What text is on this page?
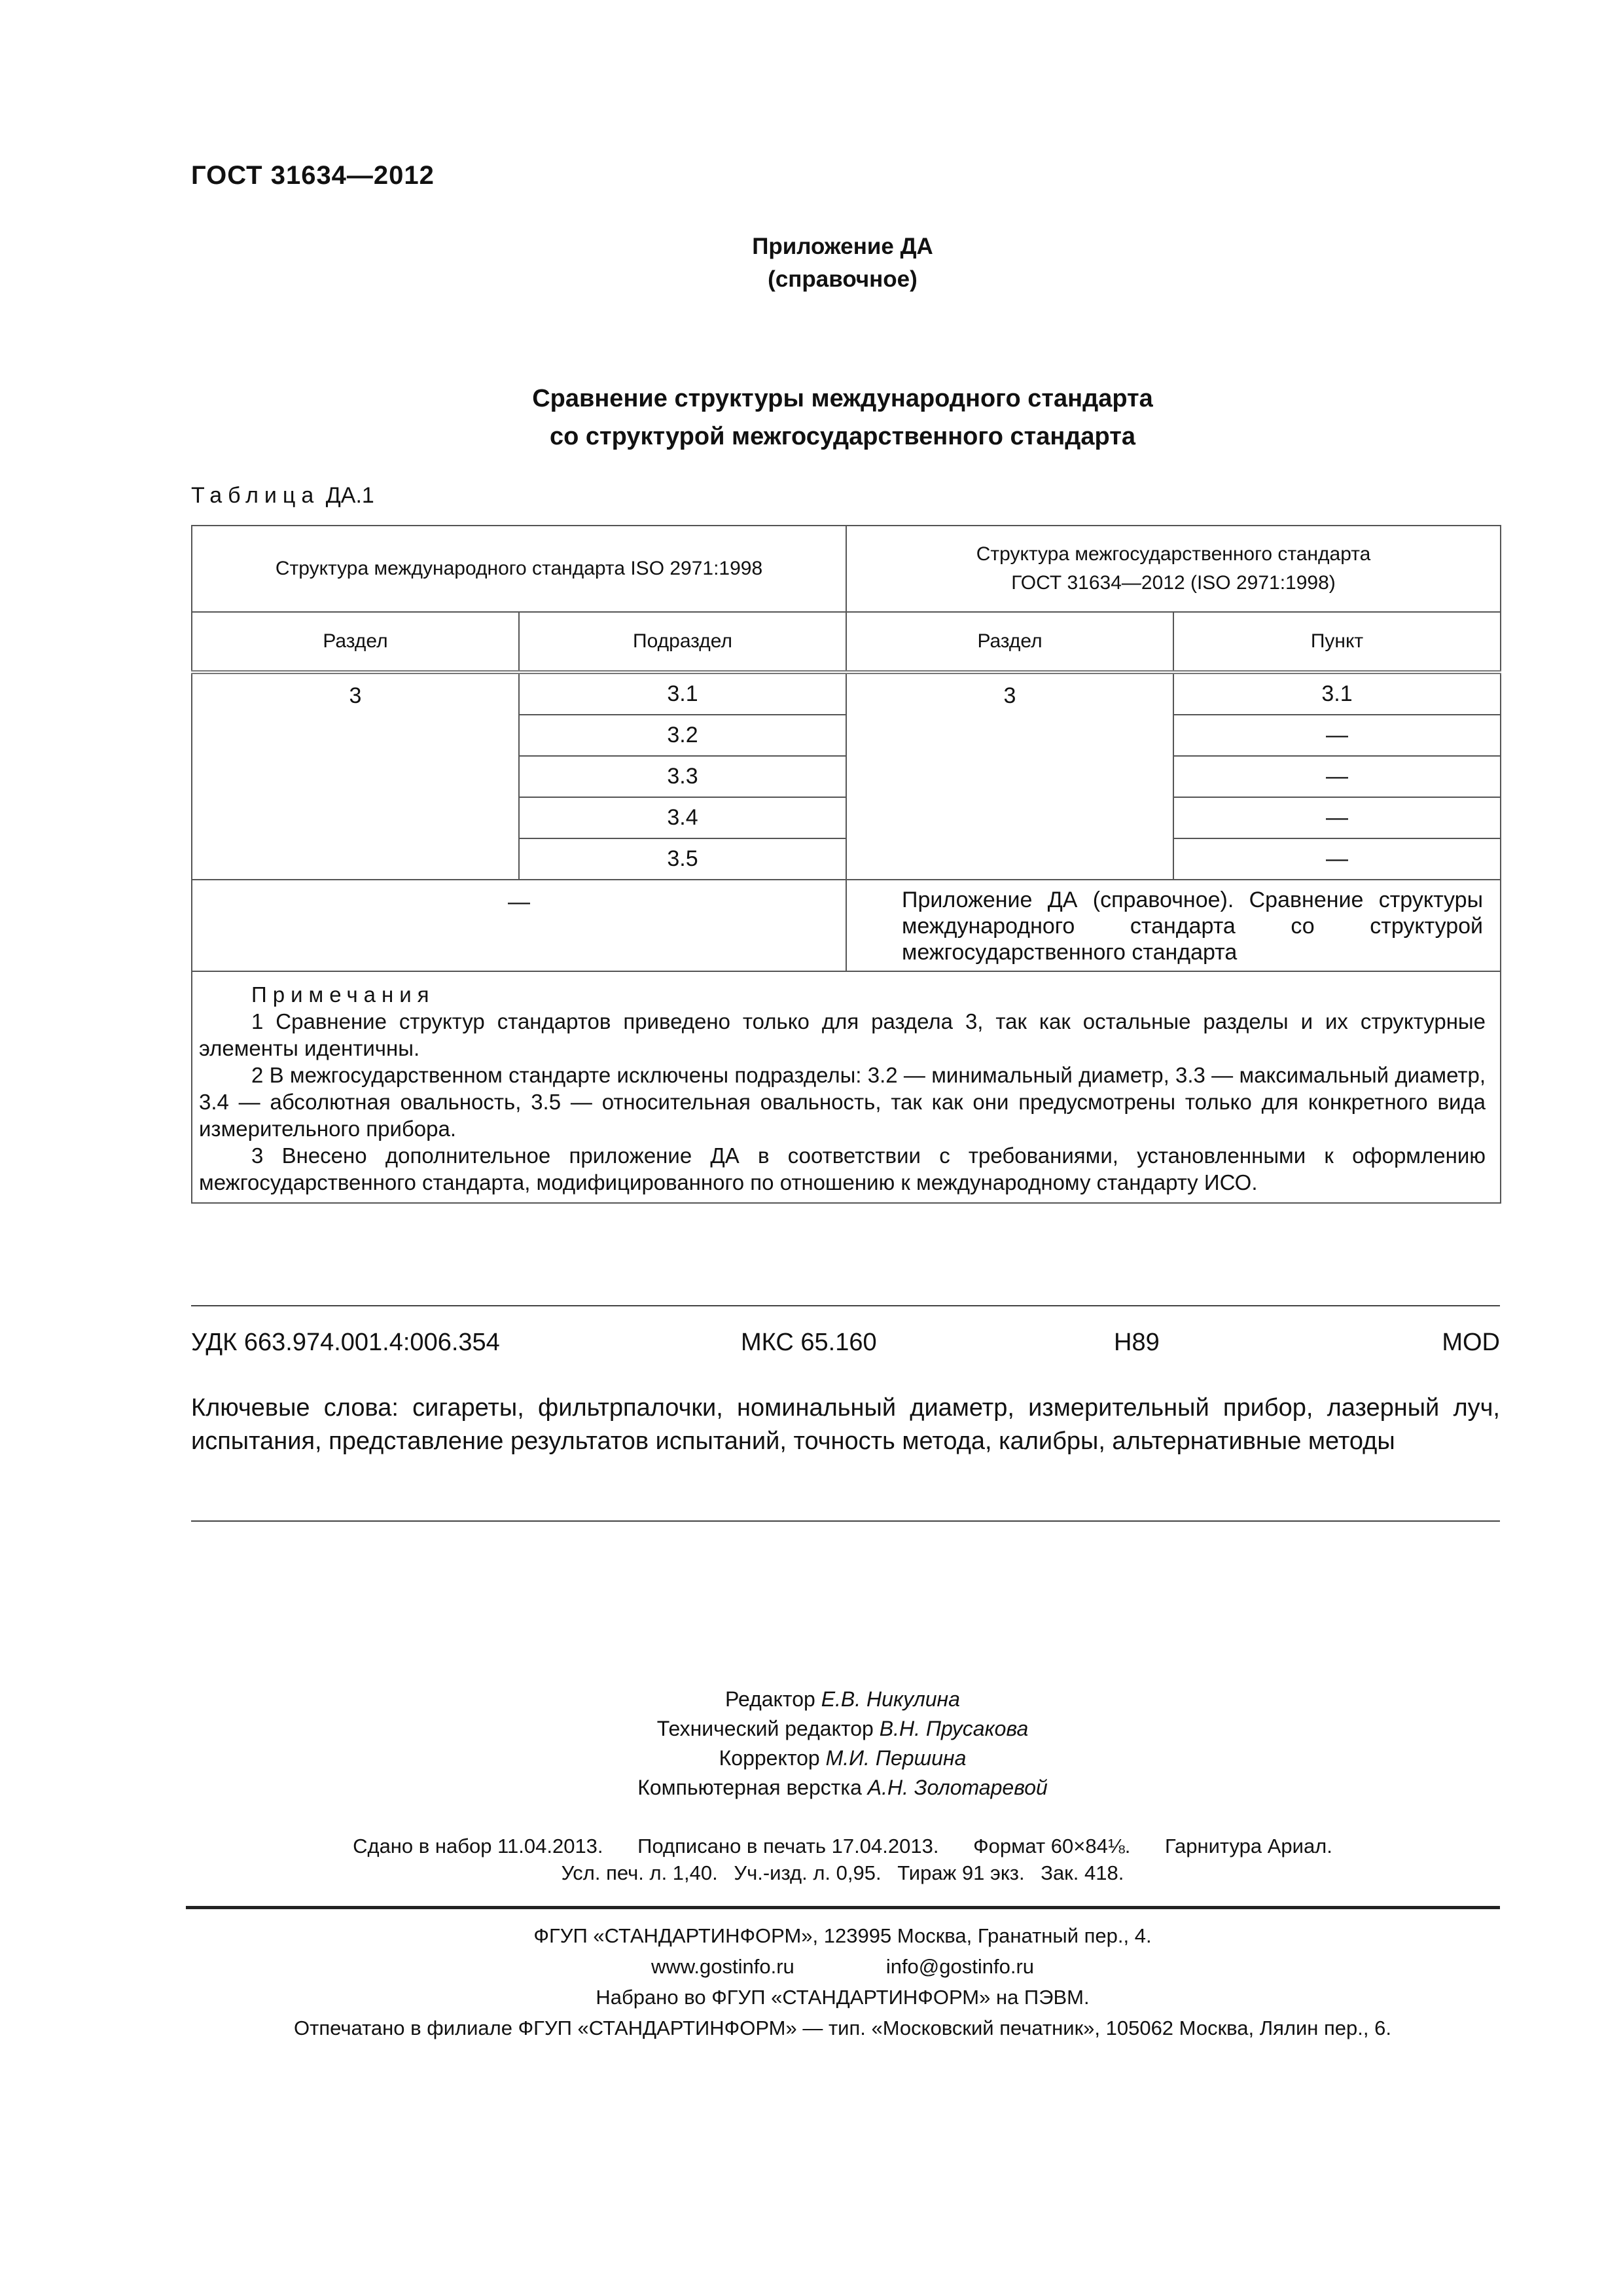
ГОСТ 31634—2012
Приложение ДА
(справочное)
Сравнение структуры международного стандарта
со структурой межгосударственного стандарта
Таблица ДА.1
Структура международного стандарта ISO 2971:1998		Структура межгосударственного стандарта
ГОСТ 31634—2012 (ISO 2971:1998)	

Раздел	Подраздел	Раздел	Пункт
3	3.1	3	3.1
	3.2		—
	3.3		—
	3.4		—
	3.5		—
—		Приложение ДА (справочное). Сравнение структуры международного стандарта со структурой межгосударственного стандарта	

Примечания

1 Сравнение структур стандартов приведено только для раздела 3, так как остальные разделы и их структурные элементы идентичны.

2 В межгосударственном стандарте исключены подразделы: 3.2 — минимальный диаметр, 3.3 — максимальный диаметр, 3.4 — абсолютная овальность, 3.5 — относительная овальность, так как они предусмотрены только для конкретного вида измерительного прибора.

3 Внесено дополнительное приложение ДА в соответствии с требованиями, установленными к оформлению межгосударственного стандарта, модифицированного по отношению к международному стандарту ИСО.			

УДК 663.974.001.4:006.354	МКС 65.160	Н89	MOD
Ключевые слова: сигареты, фильтрпалочки, номинальный диаметр, измерительный прибор, лазерный луч, испытания, представление результатов испытаний, точность метода, калибры, альтернативные методы
Редактор Е.В. Никулина
Технический редактор В.Н. Прусакова
Корректор М.И. Першина
Компьютерная верстка А.Н. Золотаревой
Сдано в набор 11.04.2013. Подписано в печать 17.04.2013. Формат 60×84⅛. Гарнитура Ариал.
Усл. печ. л. 1,40. Уч.-изд. л. 0,95. Тираж 91 экз. Зак. 418.
ФГУП «СТАНДАРТИНФОРМ», 123995 Москва, Гранатный пер., 4.
www.gostinfo.ru	info@gostinfo.ru
Набрано во ФГУП «СТАНДАРТИНФОРМ» на ПЭВМ.
Отпечатано в филиале ФГУП «СТАНДАРТИНФОРМ» — тип. «Московский печатник», 105062 Москва, Лялин пер., 6.
